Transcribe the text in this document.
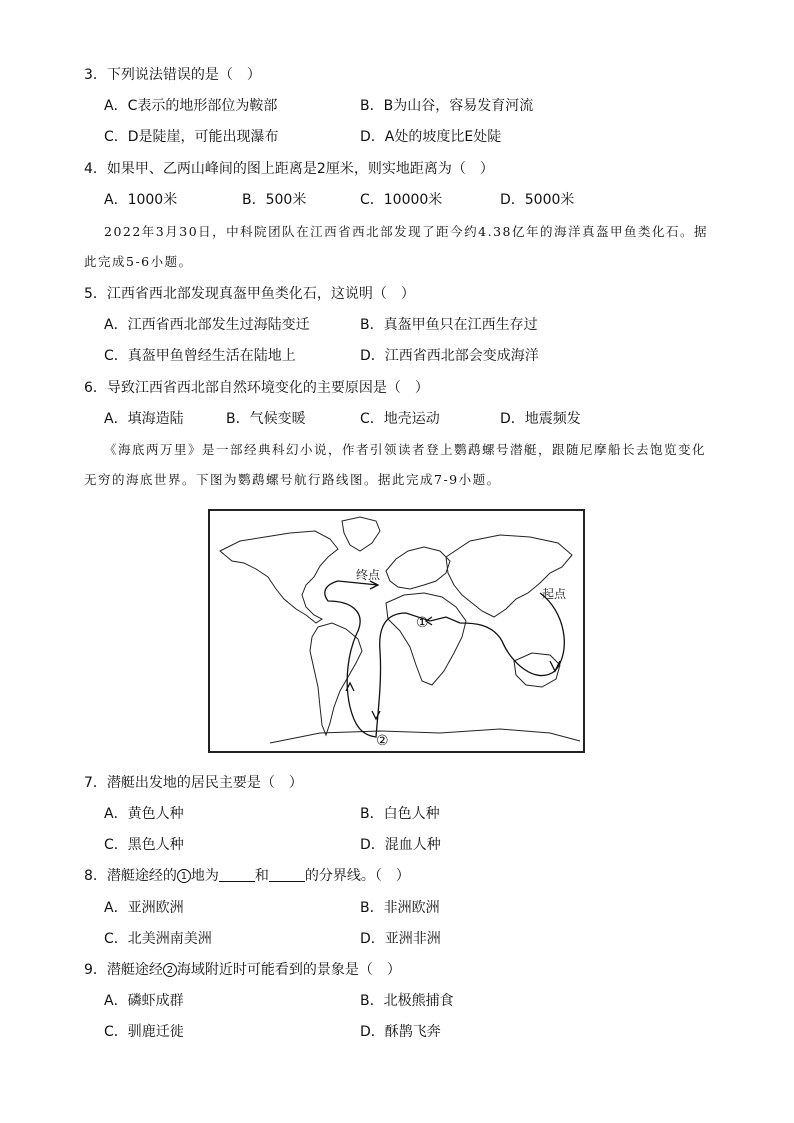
3．下列说法错误的是（　）
A．C表示的地形部位为鞍部	B．B为山谷，容易发育河流
C．D是陡崖，可能出现瀑布	D．A处的坡度比E处陡
4．如果甲、乙两山峰间的图上距离是2厘米，则实地距离为（　）
A．1000米	B．500米	C．10000米	D．5000米
2022年3月30日，中科院团队在江西省西北部发现了距今约4.38亿年的海洋真盔甲鱼类化石。据
此完成5-6小题。
5．江西省西北部发现真盔甲鱼类化石，这说明（　）
A．江西省西北部发生过海陆变迁	B．真盔甲鱼只在江西生存过
C．真盔甲鱼曾经生活在陆地上	D．江西省西北部会变成海洋
6．导致江西省西北部自然环境变化的主要原因是（　）
A．填海造陆	B．气候变暖	C．地壳运动	D．地震频发
《海底两万里》是一部经典科幻小说，作者引领读者登上鹦鹉螺号潜艇，跟随尼摩船长去饱览变化
无穷的海底世界。下图为鹦鹉螺号航行路线图。据此完成7-9小题。
终点
起点
①
②
7．潜艇出发地的居民主要是（　）
A．黄色人种	B．白色人种
C．黑色人种	D．混血人种
8．潜艇途经的 1 地为	和	的分界线。（　）
A．亚洲欧洲	B．非洲欧洲
C．北美洲南美洲	D．亚洲非洲
9．潜艇途经 2 海域附近时可能看到的景象是（　）
A．磷虾成群	B．北极熊捕食
C．驯鹿迁徙	D．酥鹊飞奔
